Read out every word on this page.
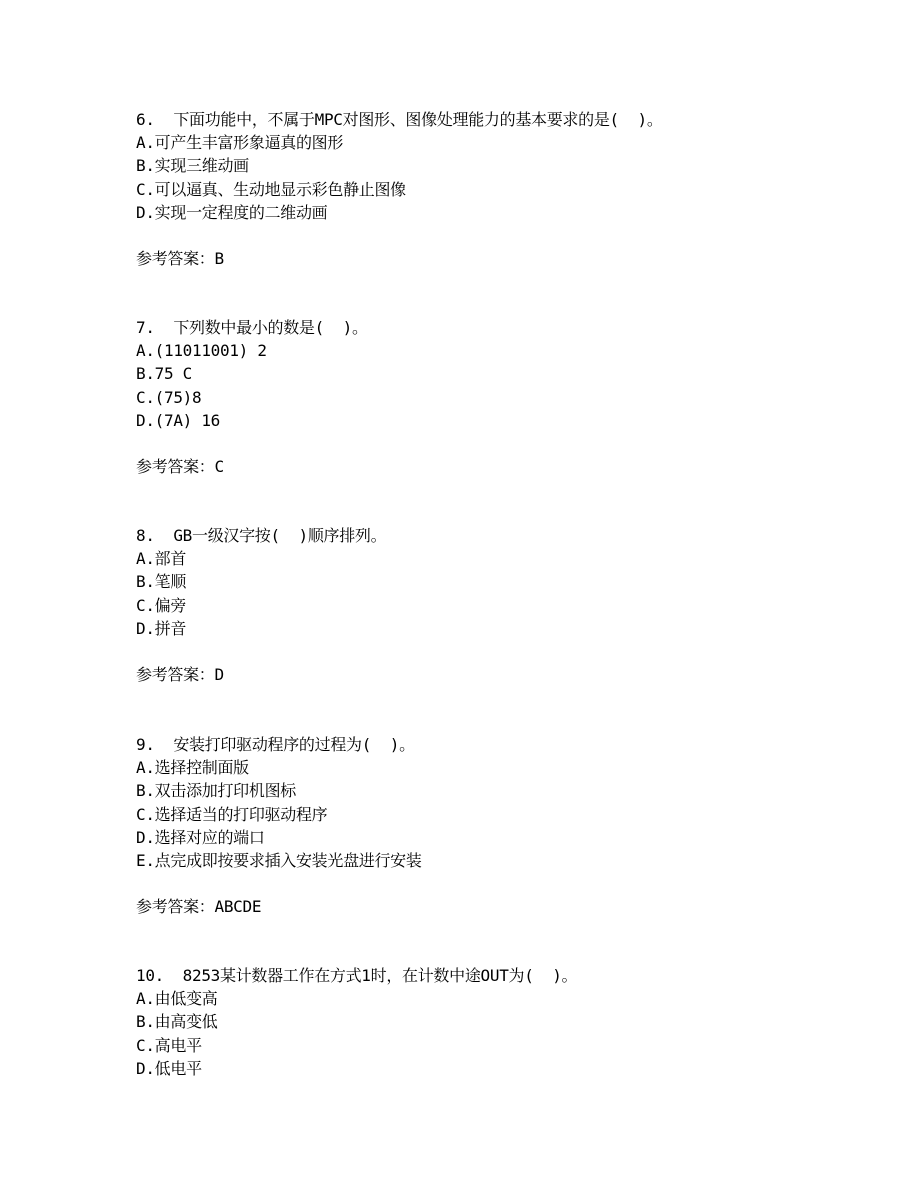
6.  下面功能中，不属于MPC对图形、图像处理能力的基本要求的是(  )。
A.可产生丰富形象逼真的图形
B.实现三维动画
C.可以逼真、生动地显示彩色静止图像
D.实现一定程度的二维动画
参考答案：B
7.  下列数中最小的数是(  )。
A.(11011001) 2
B.75 C
C.(75)8
D.(7A) 16
参考答案：C
8.  GB一级汉字按(  )顺序排列。
A.部首
B.笔顺
C.偏旁
D.拼音
参考答案：D
9.  安装打印驱动程序的过程为(  )。
A.选择控制面版
B.双击添加打印机图标
C.选择适当的打印驱动程序
D.选择对应的端口
E.点完成即按要求插入安装光盘进行安装
参考答案：ABCDE
10.  8253某计数器工作在方式1时，在计数中途OUT为(  )。
A.由低变高
B.由高变低
C.高电平
D.低电平
